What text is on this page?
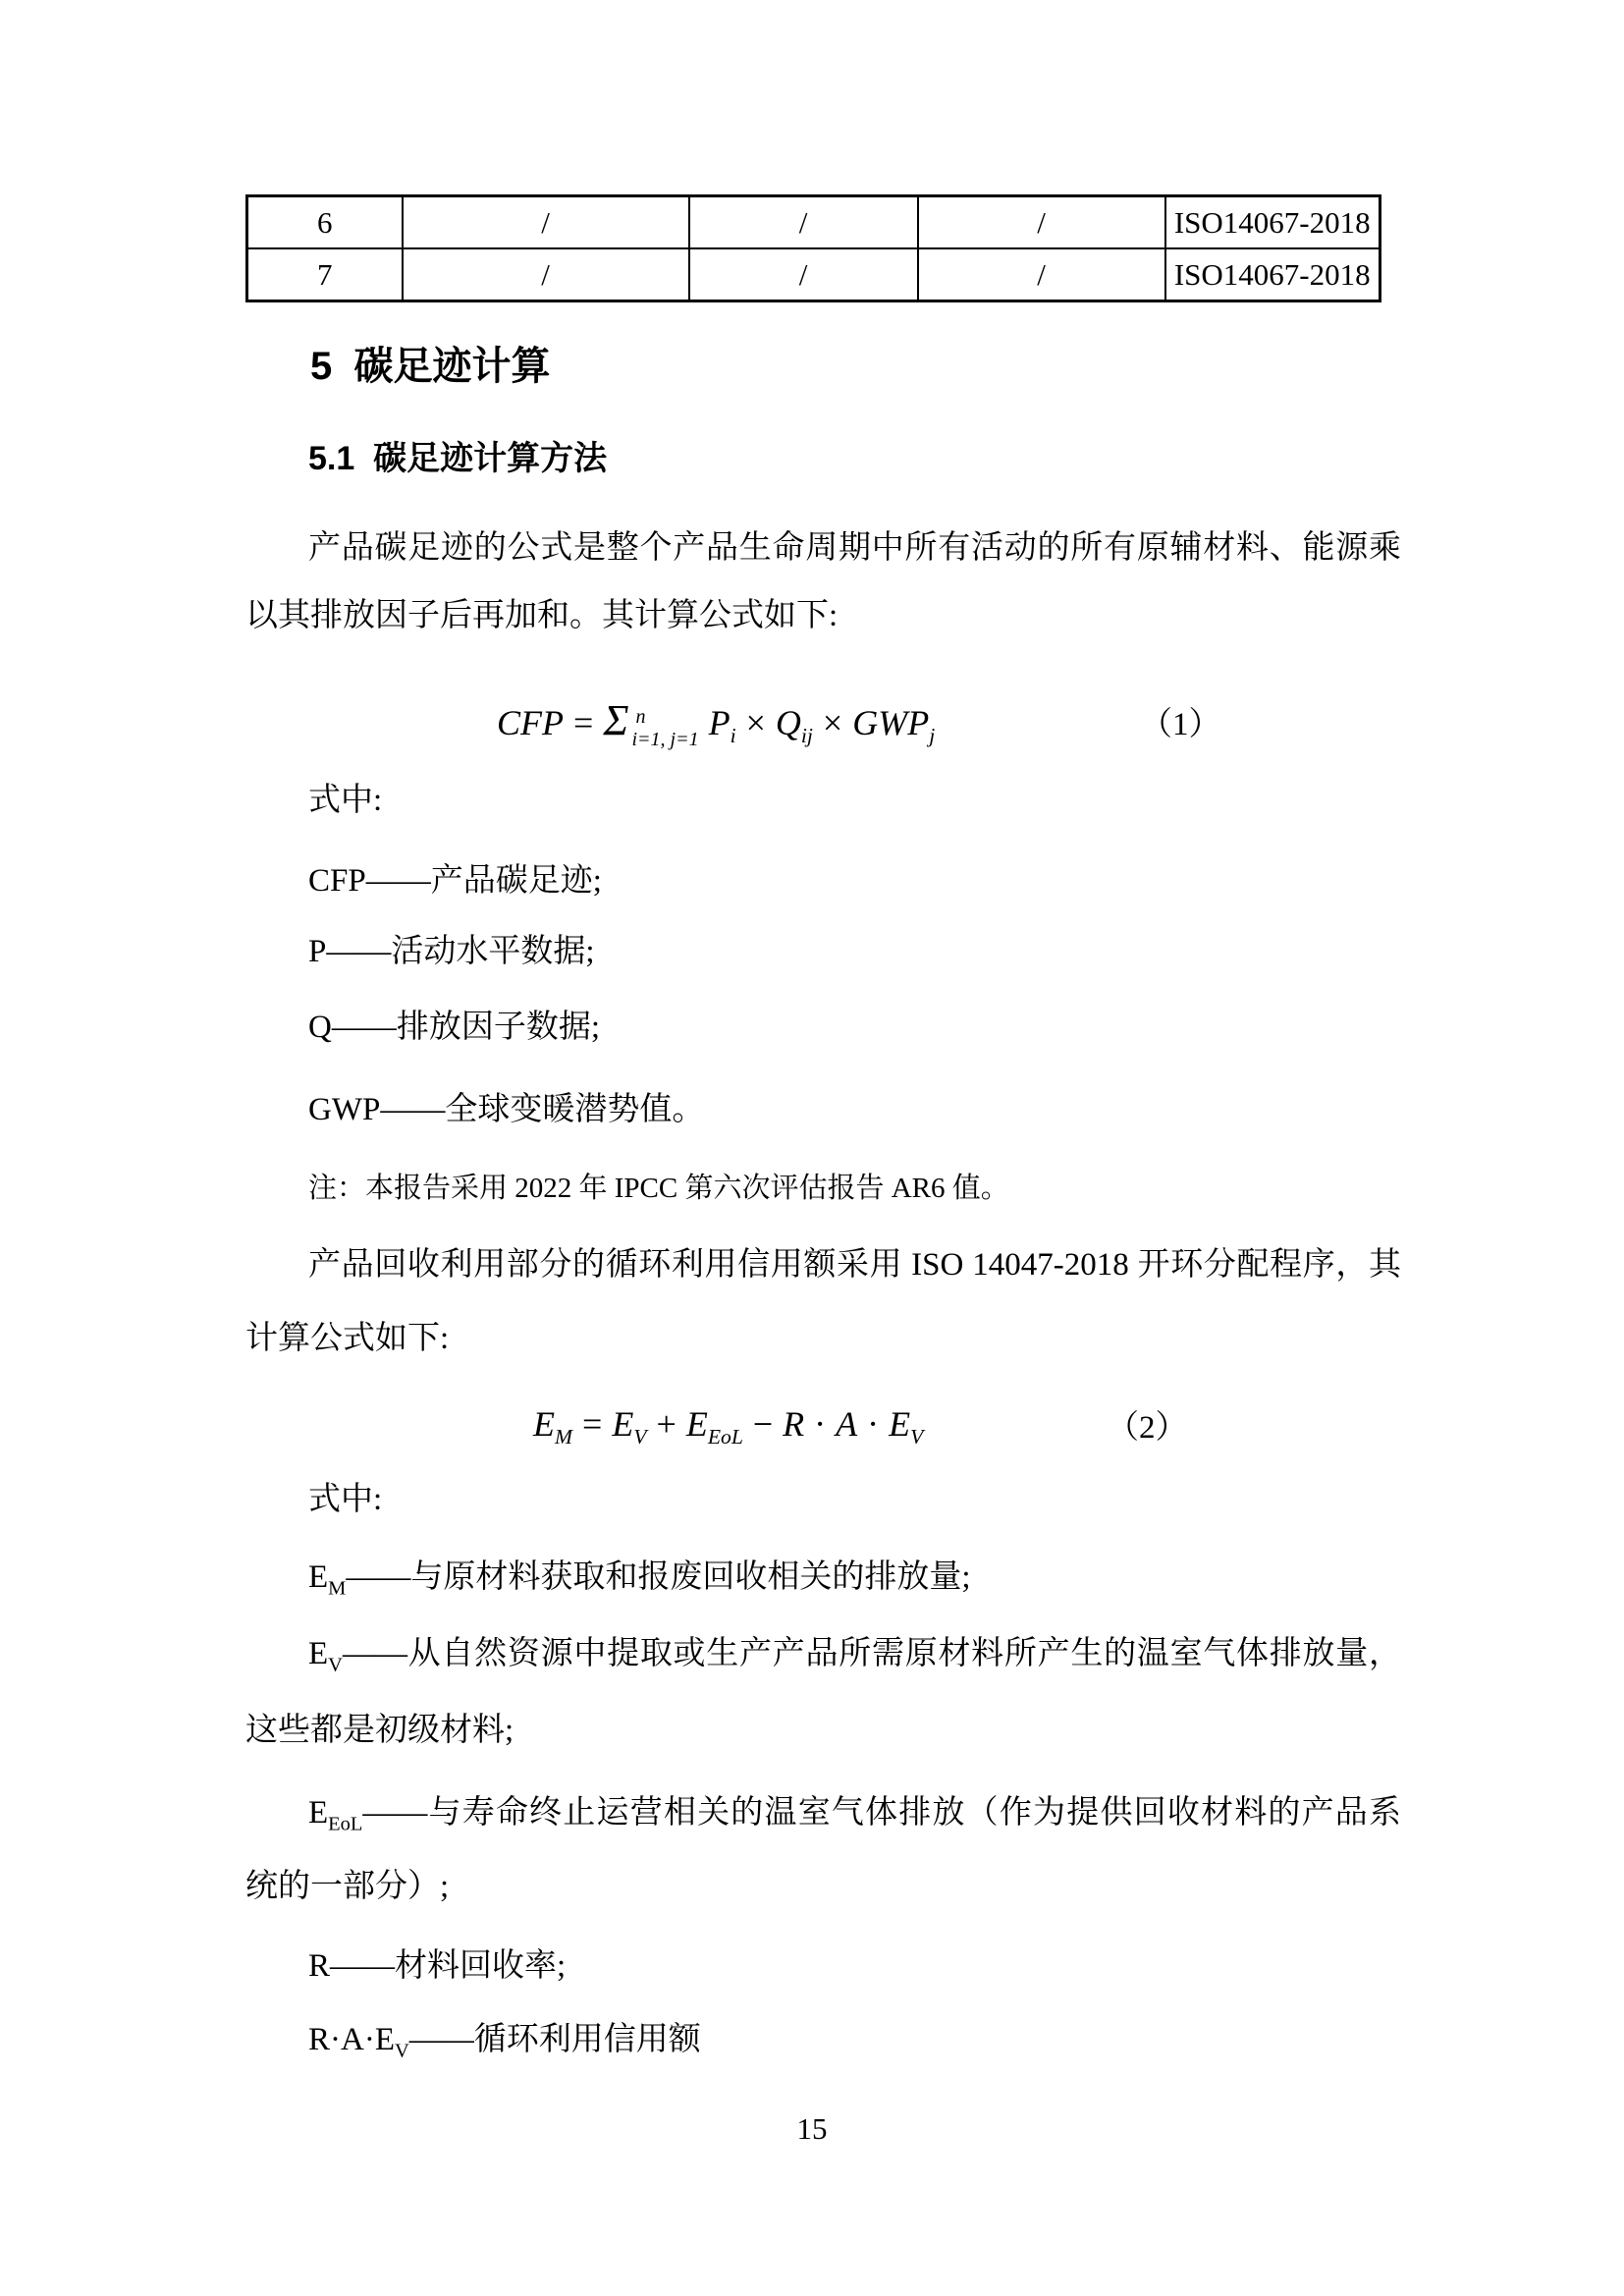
6	/	/	/	ISO14067-2018
7	/	/	/	ISO14067-2018
5  碳足迹计算
5.1  碳足迹计算方法
产品碳足迹的公式是整个产品生命周期中所有活动的所有原辅材料、能源乘
以其排放因子后再加和。其计算公式如下:
CFP = Σ n
i=1, j=1 $P_i \times Q_{ij} \times GWP_j$	（1）
式中:
CFP——产品碳足迹;
P——活动水平数据;
Q——排放因子数据;
GWP——全球变暖潜势值。
注：本报告采用 2022 年 IPCC 第六次评估报告 AR6 值。
产品回收利用部分的循环利用信用额采用 ISO 14047-2018 开环分配程序，其
计算公式如下:
$E_M = E_V + E_{EoL} - R \cdot A \cdot E_V$	（2）
式中:
$E_M——$与原材料获取和报废回收相关的排放量;
$E_V——$从自然资源中提取或生产产品所需原材料所产生的温室气体排放量，
这些都是初级材料;
$E_{EoL}——$与寿命终止运营相关的温室气体排放（作为提供回收材料的产品系
统的一部分）;
R——材料回收率;
$R\cdot A\cdot E_V——$循环利用信用额
15
